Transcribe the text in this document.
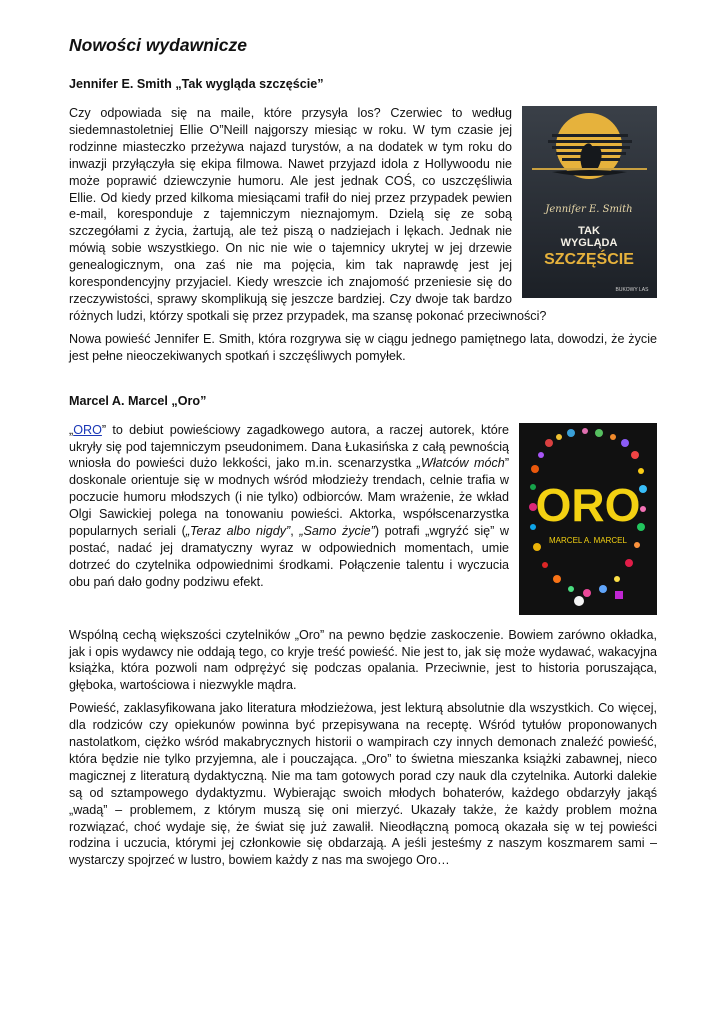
Nowości wydawnicze
Jennifer E. Smith „Tak wygląda szczęście”
Jennifer E. Smith
TAK
WYGLĄDA
SZCZĘŚCIE
BUKOWY LAS

Czy odpowiada się na maile, które przysyła los? Czerwiec to według siedemnastoletniej Ellie O”Neill najgorszy miesiąc w roku. W tym czasie jej rodzinne miasteczko przeżywa najazd turystów, a na dodatek w tym roku do inwazji przyłączyła się ekipa filmowa. Nawet przyjazd idola z Hollywoodu nie może poprawić dziewczynie humoru. Ale jest jednak COŚ, co uszczęśliwia Ellie. Od kiedy przed kilkoma miesiącami trafił do niej przez przypadek pewien e-mail, koresponduje z tajemniczym nieznajomym. Dzielą się ze sobą szczegółami z życia, żartują, ale też piszą o nadziejach i lękach. Jednak nie mówią sobie wszystkiego. On nic nie wie o tajemnicy ukrytej w jej drzewie genealogicznym, ona zaś nie ma pojęcia, kim tak naprawdę jest jej korespondencyjny przyjaciel. Kiedy wreszcie ich znajomość przeniesie się do rzeczywistości, sprawy skomplikują się jeszcze bardziej. Czy dwoje tak bardzo różnych ludzi, którzy spotkali się przez przypadek, ma szansę pokonać przeciwności?

Nowa powieść Jennifer E. Smith, która rozgrywa się w ciągu jednego pamiętnego lata, dowodzi, że życie jest pełne nieoczekiwanych spotkań i szczęśliwych pomyłek.

Marcel A. Marcel „Oro”
ORO
MARCEL A. MARCEL

„ORO” to debiut powieściowy zagadkowego autora, a raczej autorek, które ukryły się pod tajemniczym pseudonimem. Dana Łukasińska z całą pewnością wniosła do powieści dużo lekkości, jako m.in. scenarzystka „Włatców móch” doskonale orientuje się w modnych wśród młodzieży trendach, celnie trafia w poczucie humoru młodszych (i nie tylko) odbiorców. Mam wrażenie, że wkład Olgi Sawickiej polega na tonowaniu powieści. Aktorka, współscenarzystka popularnych seriali („Teraz albo nigdy”, „Samo życie”) potrafi „wgryźć się” w postać, nadać jej dramatyczny wyraz w odpowiednich momentach, umie dotrzeć do czytelnika odpowiednimi środkami. Połączenie talentu i wyczucia obu pań dało godny podziwu efekt.

Wspólną cechą większości czytelników „Oro” na pewno będzie zaskoczenie. Bowiem zarówno okładka, jak i opis wydawcy nie oddają tego, co kryje treść powieść. Nie jest to, jak się może wydawać, wakacyjna książka, która pozwoli nam odprężyć się podczas opalania. Przeciwnie, jest to historia poruszająca, głęboka, wartościowa i niezwykle mądra.

Powieść, zaklasyfikowana jako literatura młodzieżowa, jest lekturą absolutnie dla wszystkich. Co więcej, dla rodziców czy opiekunów powinna być przepisywana na receptę. Wśród tytułów proponowanych nastolatkom, ciężko wśród makabrycznych historii o wampirach czy innych demonach znaleźć powieść, która będzie nie tylko przyjemna, ale i pouczająca. „Oro” to świetna mieszanka książki zabawnej, nieco magicznej z literaturą dydaktyczną. Nie ma tam gotowych porad czy nauk dla czytelnika. Autorki dalekie są od sztampowego dydaktyzmu. Wybierając swoich młodych bohaterów, każdego obdarzyły jakąś „wadą” – problemem, z którym muszą się oni mierzyć. Ukazały także, że każdy problem można rozwiązać, choć wydaje się, że świat się już zawalił. Nieodłączną pomocą okazała się w tej powieści rodzina i uczucia, którymi jej członkowie się obdarzają. A jeśli jesteśmy z naszym koszmarem sami – wystarczy spojrzeć w lustro, bowiem każdy z nas ma swojego Oro…
